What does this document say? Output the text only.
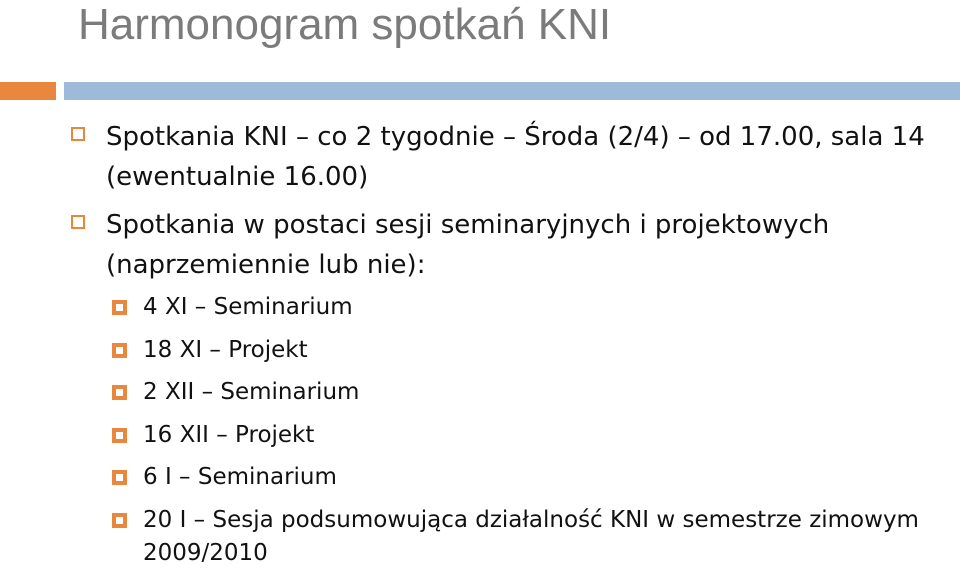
Harmonogram spotkań KNI
Spotkania KNI – co 2 tygodnie – Środa (2/4) – od 17.00, sala 14 (ewentualnie 16.00)
Spotkania w postaci sesji seminaryjnych i projektowych (naprzemiennie lub nie):
4 XI – Seminarium
18 XI – Projekt
2 XII – Seminarium
16 XII – Projekt
6 I – Seminarium
20 I – Sesja podsumowująca działalność KNI w semestrze zimowym 2009/2010
